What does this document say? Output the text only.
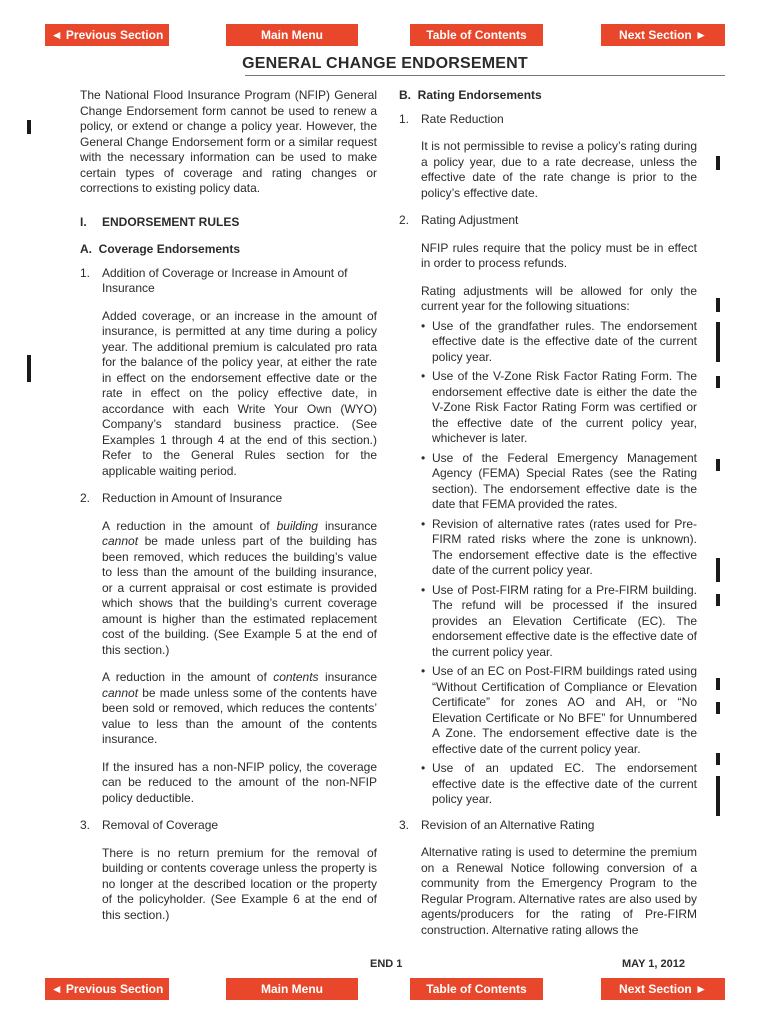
◄ Previous Section	Main Menu	Table of Contents	Next Section ►
GENERAL CHANGE ENDORSEMENT

The National Flood Insurance Program (NFIP) General Change Endorsement form cannot be used to renew a policy, or extend or change a policy year. However, the General Change Endorsement form or a similar request with the necessary information can be used to make certain types of coverage and rating changes or corrections to existing policy data.

I.	ENDORSEMENT RULES
A.  Coverage Endorsements
1. Addition of Coverage or Increase in Amount of Insurance

Added coverage, or an increase in the amount of insurance, is permitted at any time during a policy year. The additional premium is calculated pro rata for the balance of the policy year, at either the rate in effect on the endorsement effective date or the rate in effect on the policy effective date, in accordance with each Write Your Own (WYO) Company’s standard business practice. (See Examples 1 through 4 at the end of this section.) Refer to the General Rules section for the applicable waiting period.

2. Reduction in Amount of Insurance

A reduction in the amount of building insurance cannot be made unless part of the building has been removed, which reduces the building’s value to less than the amount of the building insurance, or a current appraisal or cost estimate is provided which shows that the building’s current coverage amount is higher than the estimated replacement cost of the building. (See Example 5 at the end of this section.)

A reduction in the amount of contents insurance cannot be made unless some of the contents have been sold or removed, which reduces the contents’ value to less than the amount of the contents insurance.

If the insured has a non-NFIP policy, the coverage can be reduced to the amount of the non-NFIP policy deductible.

3. Removal of Coverage

There is no return premium for the removal of building or contents coverage unless the property is no longer at the described location or the property of the policyholder. (See Example 6 at the end of this section.)

B.  Rating Endorsements
1. Rate Reduction

It is not permissible to revise a policy’s rating during a policy year, due to a rate decrease, unless the effective date of the rate change is prior to the policy’s effective date.

2. Rating Adjustment

NFIP rules require that the policy must be in effect in order to process refunds.

Rating adjustments will be allowed for only the current year for the following situations:

• Use of the grandfather rules. The endorsement effective date is the effective date of the current policy year.
• Use of the V-Zone Risk Factor Rating Form. The endorsement effective date is either the date the V-Zone Risk Factor Rating Form was certified or the effective date of the current policy year, whichever is later.
• Use of the Federal Emergency Management Agency (FEMA) Special Rates (see the Rating section). The endorsement effective date is the date that FEMA provided the rates.
• Revision of alternative rates (rates used for Pre-FIRM rated risks where the zone is unknown). The endorsement effective date is the effective date of the current policy year.
• Use of Post-FIRM rating for a Pre-FIRM building. The refund will be processed if the insured provides an Elevation Certificate (EC). The endorsement effective date is the effective date of the current policy year.
• Use of an EC on Post-FIRM buildings rated using “Without Certification of Compliance or Elevation Certificate” for zones AO and AH, or “No Elevation Certificate or No BFE” for Unnumbered A Zone. The endorsement effective date is the effective date of the current policy year.
• Use of an updated EC. The endorsement effective date is the effective date of the current policy year.
3. Revision of an Alternative Rating

Alternative rating is used to determine the premium on a Renewal Notice following conversion of a community from the Emergency Program to the Regular Program. Alternative rates are also used by agents/producers for the rating of Pre-FIRM construction. Alternative rating allows the

END 1	MAY 1, 2012
◄ Previous Section	Main Menu	Table of Contents	Next Section ►
